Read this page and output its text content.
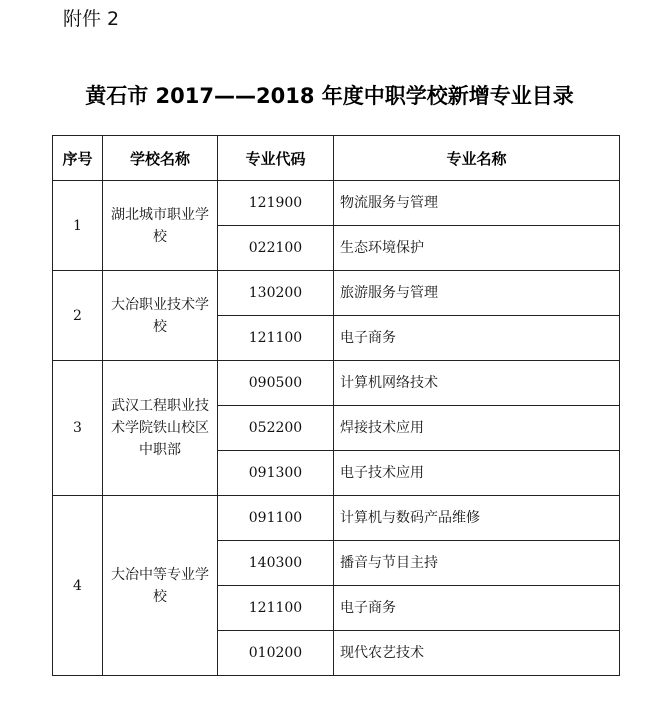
附件 2
黄石市 2017——2018 年度中职学校新增专业目录
序号	学校名称	专业代码	专业名称
1	湖北城市职业学校	121900	物流服务与管理
		022100	生态环境保护
2	大冶职业技术学校	130200	旅游服务与管理
		121100	电子商务
3	武汉工程职业技术学院铁山校区中职部	090500	计算机网络技术
		052200	焊接技术应用
		091300	电子技术应用
4	大冶中等专业学校	091100	计算机与数码产品维修
		140300	播音与节目主持
		121100	电子商务
		010200	现代农艺技术
